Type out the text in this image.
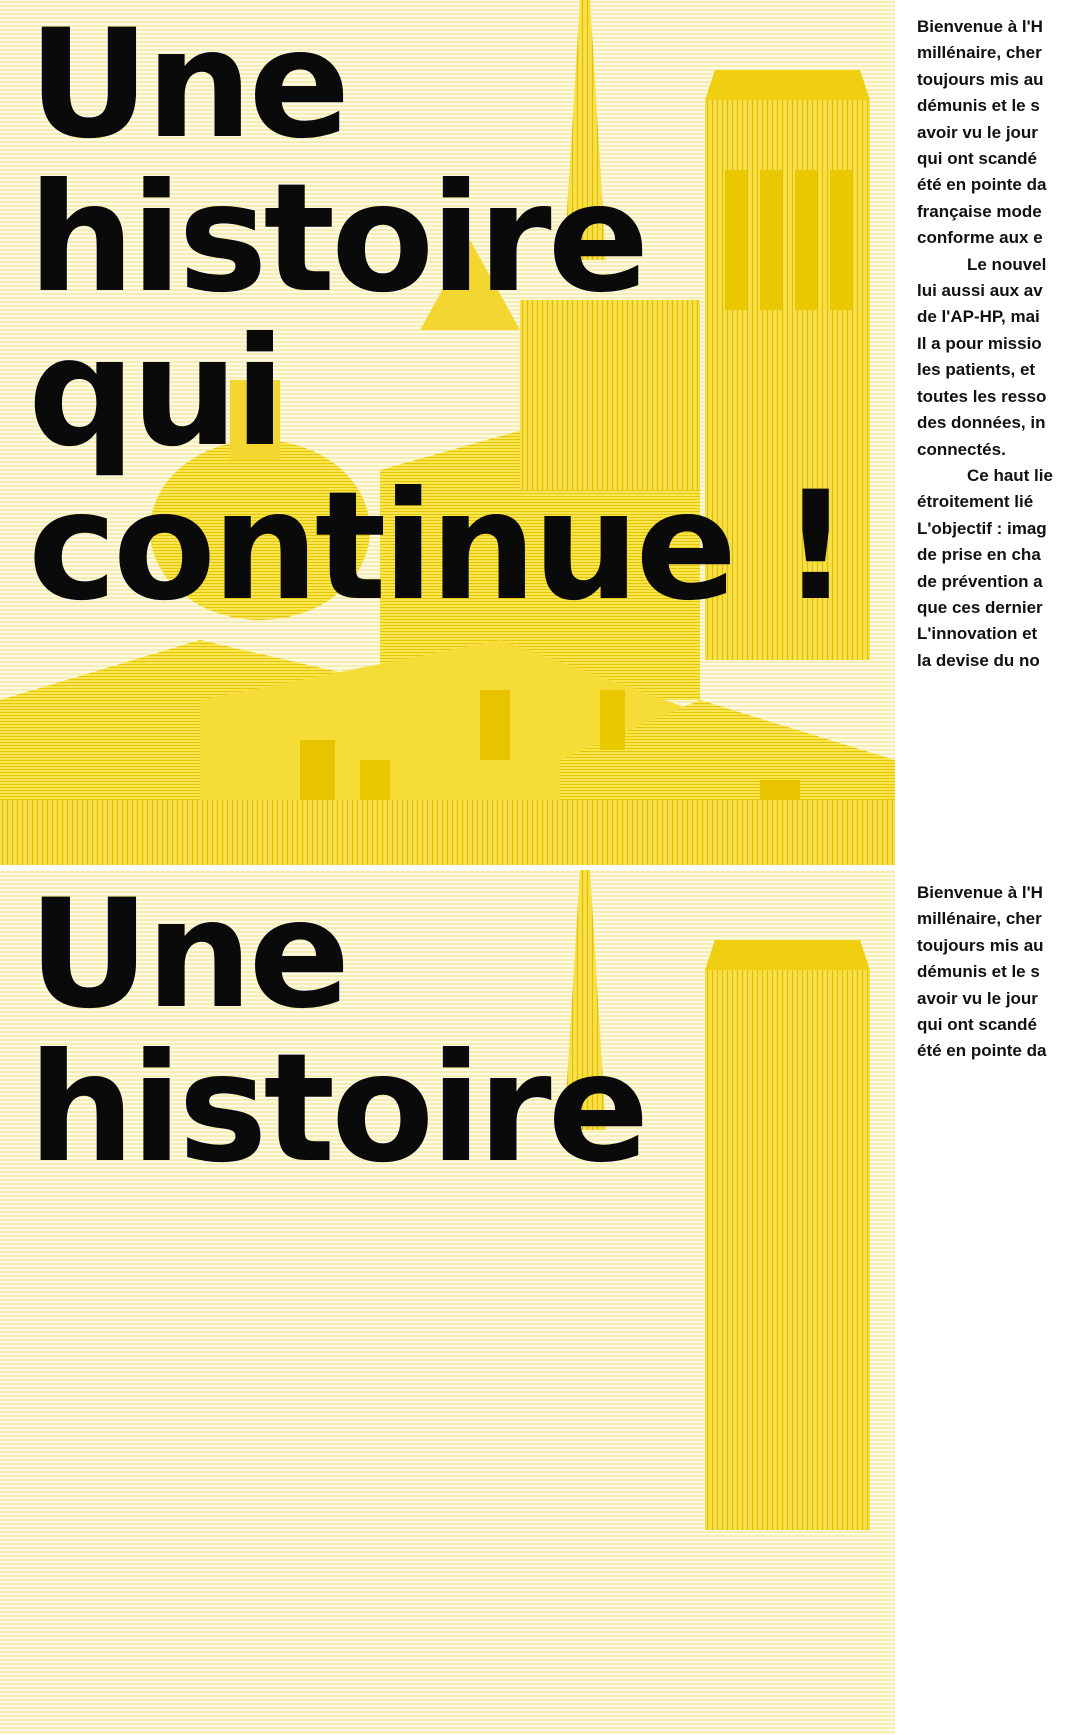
Une
histoire
qui
continue !
Bienvenue à l'H
millénaire, cher
toujours mis au
démunis et le s
avoir vu le jour
qui ont scandé
été en pointe da
française mode
conforme aux e
Le nouvel
lui aussi aux av
de l'AP-HP, mai
Il a pour missio
les patients, et
toutes les resso
des données, in
connectés.
Ce haut lie
étroitement lié
L'objectif : imag
de prise en cha
de prévention a
que ces dernier
L'innovation et
la devise du no
Une
histoire
Bienvenue à l'H
millénaire, cher
toujours mis au
démunis et le s
avoir vu le jour
qui ont scandé
été en pointe da
